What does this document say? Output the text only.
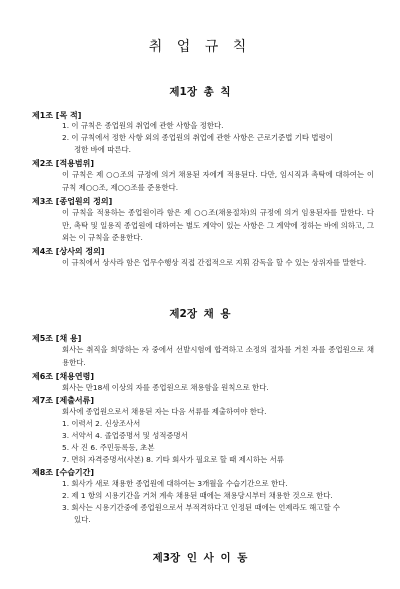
취 업 규 칙
제1장 총 칙
제1조 [목 적]
1. 이 규칙은 종업원의 취업에 관한 사항을 정한다.
2. 이 규칙에서 정한 사항 외의 종업원의 취업에 관한 사항은 근로기준법 기타 법령이
정한 바에 따른다.
제2조 [적용범위]
이 규칙은 제 ○○조의 규정에 의거 채용된 자에게 적용된다. 다만, 임시직과 촉탁에 대하여는 이 규칙 제○○조, 제○○조를 준용한다.
제3조 [종업원의 정의]
이 규칙을 적용하는 종업원이라 함은 제 ○○조(채용절차)의 규정에 의거 임용된자를 말한다. 다만, 촉탁 및 일용직 종업원에 대하여는 별도 계약이 있는 사항은 그 계약에 정하는 바에 의하고, 그 외는 이 규칙을 준용한다.
제4조 [상사의 정의]
이 규칙에서 상사라 함은 업무수행상 직접 간접적으로 지휘 감독을 할 수 있는 상위자를 말한다.
제2장 채 용
제5조 [채 용]
회사는 취직을 희망하는 자 중에서 선발시험에 합격하고 소정의 절차를 거친 자를 종업원으로 채용한다.
제6조 [채용연령]
회사는 만18세 이상의 자를 종업원으로 채용함을 원칙으로 한다.
제7조 [제출서류]
회사에 종업원으로서 채용된 자는 다음 서류를 제출하여야 한다.
1. 이력서 2. 신상조사서
3. 서약서 4. 졸업증명서 및 성적증명서
5. 사 진 6. 주민등록등, 초본
7. 면허 자격증명서(사본) 8. 기타 회사가 필요로 할 때 제시하는 서류
제8조 [수습기간]
1. 회사가 새로 채용한 종업원에 대하여는 3개월을 수습기간으로 한다.
2. 제 1 항의 시용기간을 거쳐 계속 채용된 때에는 채용당시부터 채용한 것으로 한다.
3. 회사는 시용기간중에 종업원으로서 부적격하다고 인정된 때에는 언제라도 해고할 수
있다.
제3장 인 사 이 동
